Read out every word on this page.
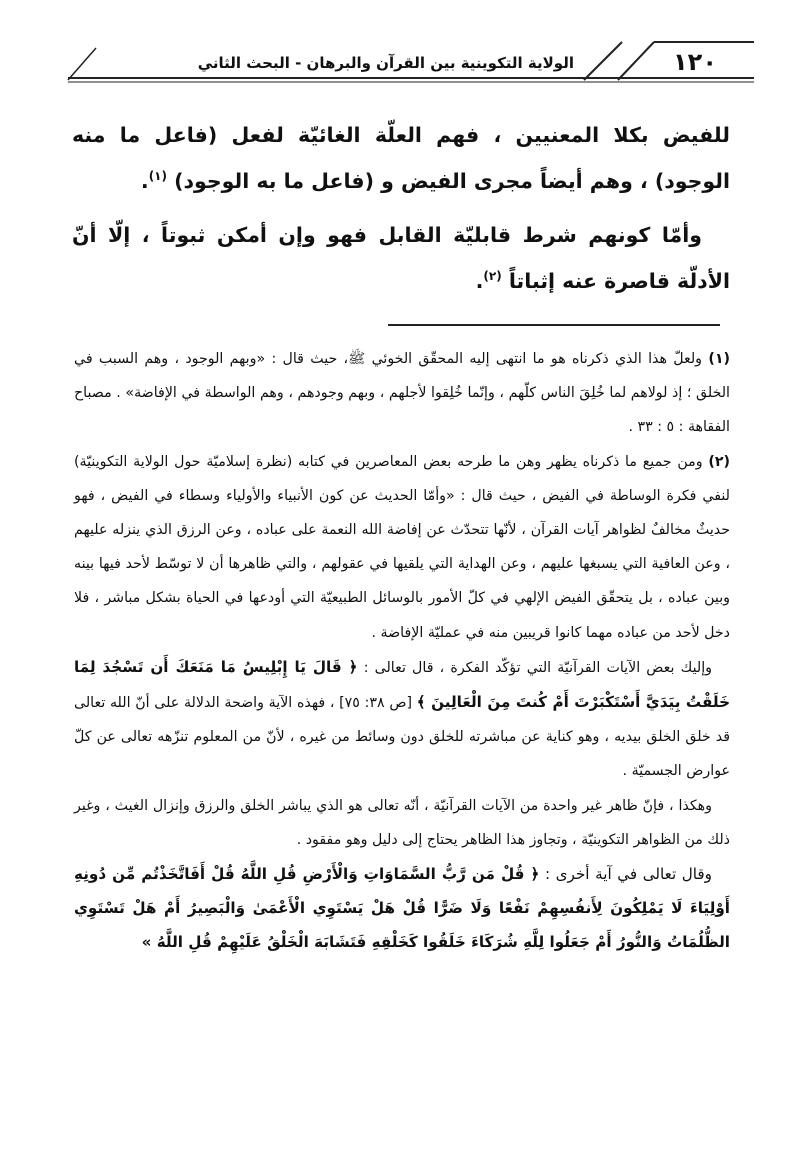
١٢٠
الولاية التكوينية بين القرآن والبرهان - البحث الثاني

للفيض بكلا المعنيين ، فهم العلّة الغائيّة لفعل (فاعل ما منه الوجود) ، وهم أيضاً مجرى الفيض و (فاعل ما به الوجود) $^{(١)}$.

وأمّا كونهم شرط قابليّة القابل فهو وإن أمكن ثبوتاً ، إلّا أنّ الأدلّة قاصرة عنه إثباتاً $^{(٢)}$.

(١) ولعلّ هذا الذي ذكرناه هو ما انتهى إليه المحقّق الخوئي ﷺ، حيث قال : «وبهم الوجود ، وهم السبب في الخلق ؛ إذ لولاهم لما خُلِقَ الناس كلّهم ، وإنّما خُلِقوا لأجلهم ، وبهم وجودهم ، وهم الواسطة في الإفاضة» . مصباح الفقاهة : ٥ : ٣٣ .

(٢) ومن جميع ما ذكرناه يظهر وهن ما طرحه بعض المعاصرين في كتابه (نظرة إسلاميّة حول الولاية التكوينيّة) لنفي فكرة الوساطة في الفيض ، حيث قال : «وأمّا الحديث عن كون الأنبياء والأولياء وسطاء في الفيض ، فهو حديثٌ مخالفٌ لظواهر آيات القرآن ، لأنّها تتحدّث عن إفاضة الله النعمة على عباده ، وعن الرزق الذي ينزله عليهم ، وعن العافية التي يسبغها عليهم ، وعن الهداية التي يلقيها في عقولهم ، والتي ظاهرها أن لا توسّط لأحد فيها بينه وبين عباده ، بل يتحقّق الفيض الإلهي في كلّ الأمور بالوسائل الطبيعيّة التي أودعها في الحياة بشكل مباشر ، فلا دخل لأحد من عباده مهما كانوا قريبين منه في عمليّة الإفاضة .

وإليك بعض الآيات القرآنيّة التي تؤكّد الفكرة ، قال تعالى : ﴿ قَالَ يَا إِبْلِيسُ مَا مَنَعَكَ أَن تَسْجُدَ لِمَا خَلَقْتُ بِيَدَيَّ أَسْتَكْبَرْتَ أَمْ كُنتَ مِنَ الْعَالِينَ ﴾ [ص ٣٨: ٧٥] ، فهذه الآية واضحة الدلالة على أنّ الله تعالى قد خلق الخلق بيديه ، وهو كناية عن مباشرته للخلق دون وسائط من غيره ، لأنّ من المعلوم تنزّهه تعالى عن كلّ عوارض الجسميّة .

وهكذا ، فإنّ ظاهر غير واحدة من الآيات القرآنيّة ، أنّه تعالى هو الذي يباشر الخلق والرزق وإنزال الغيث ، وغير ذلك من الظواهر التكوينيّة ، وتجاوز هذا الظاهر يحتاج إلى دليل وهو مفقود .

وقال تعالى في آية أخرى : ﴿ قُلْ مَن رَّبُّ السَّمَاوَاتِ وَالْأَرْضِ قُلِ اللَّهُ قُلْ أَفَاتَّخَذْتُم مِّن دُونِهِ أَوْلِيَاءَ لَا يَمْلِكُونَ لِأَنفُسِهِمْ نَفْعًا وَلَا ضَرًّا قُلْ هَلْ يَسْتَوِي الْأَعْمَىٰ وَالْبَصِيرُ أَمْ هَلْ تَسْتَوِي الظُّلُمَاتُ وَالنُّورُ أَمْ جَعَلُوا لِلَّهِ شُرَكَاءَ خَلَقُوا كَخَلْقِهِ فَتَشَابَهَ الْخَلْقُ عَلَيْهِمْ قُلِ اللَّهُ »
